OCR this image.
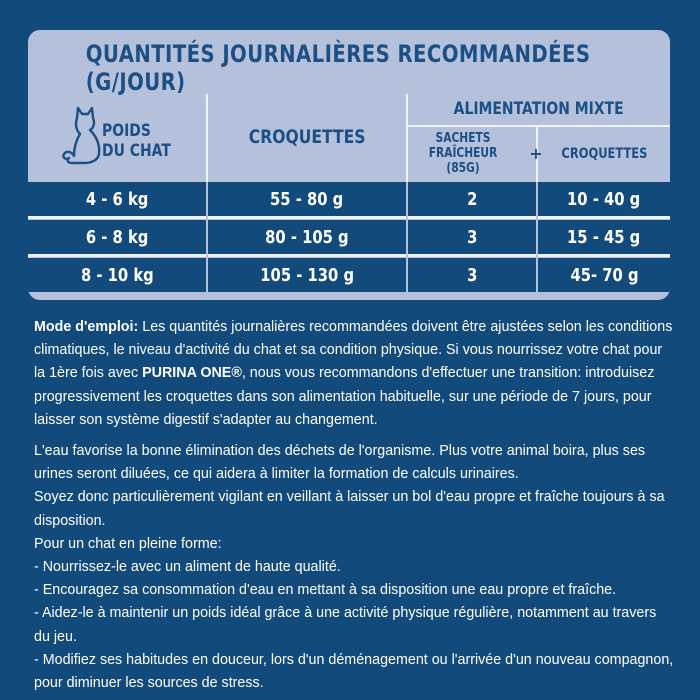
QUANTITÉS JOURNALIÈRES RECOMMANDÉES (G/JOUR)
POIDS
DU CHAT
CROQUETTES
ALIMENTATION MIXTE
SACHETS
FRAÎCHEUR (85G)
+	CROQUETTES
4 - 6 kg	55 - 80 g	2	10 - 40 g
6 - 8 kg	80 - 105 g	3	15 - 45 g
8 - 10 kg	105 - 130 g	3	45- 70 g

Mode d'emploi: Les quantités journalières recommandées doivent être ajustées selon les conditions climatiques, le niveau d'activité du chat et sa condition physique. Si vous nourrissez votre chat pour la 1ère fois avec PURINA ONE®, nous vous recommandons d'effectuer une transition: introduisez progressivement les croquettes dans son alimentation habituelle, sur une période de 7 jours, pour laisser son système digestif s'adapter au changement.

L'eau favorise la bonne élimination des déchets de l'organisme. Plus votre animal boira, plus ses urines seront diluées, ce qui aidera à limiter la formation de calculs urinaires.

Soyez donc particulièrement vigilant en veillant à laisser un bol d'eau propre et fraîche toujours à sa disposition.

Pour un chat en pleine forme:

- Nourrissez-le avec un aliment de haute qualité.

- Encouragez sa consommation d'eau en mettant à sa disposition une eau propre et fraîche.

- Aidez-le à maintenir un poids idéal grâce à une activité physique régulière, notamment au travers du jeu.

- Modifiez ses habitudes en douceur, lors d'un déménagement ou l'arrivée d'un nouveau compagnon, pour diminuer les sources de stress.
